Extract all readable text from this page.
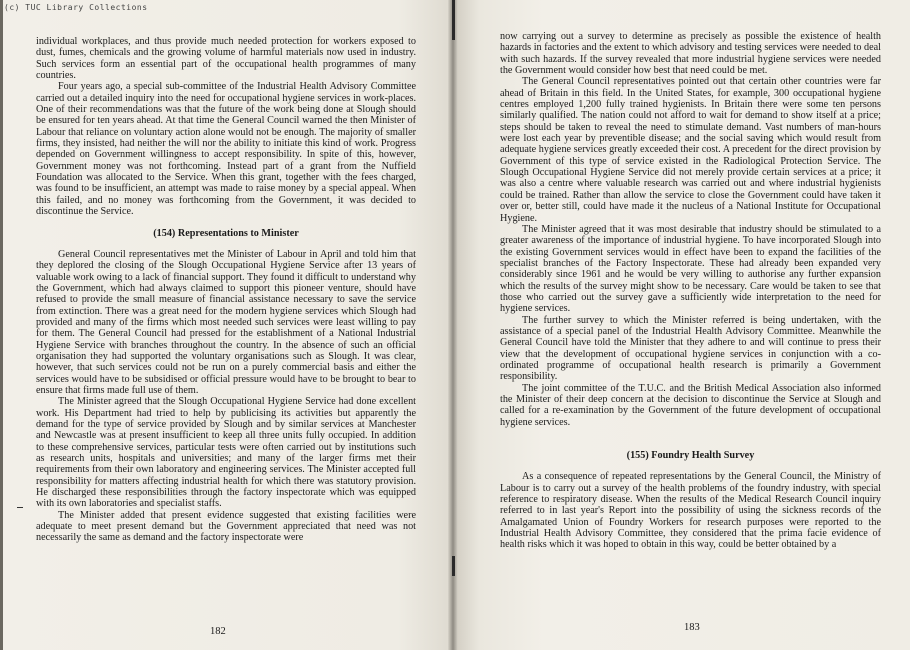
(c) TUC Library Collections

individual workplaces, and thus provide much needed protection for workers exposed to dust, fumes, chemicals and the growing volume of harmful materials now used in industry. Such services form an essential part of the occupational health programmes of many countries.

Four years ago, a special sub-committee of the Industrial Health Advisory Committee carried out a detailed inquiry into the need for occupational hygiene services in work-places. One of their recommendations was that the future of the work being done at Slough should be ensured for ten years ahead. At that time the General Council warned the then Minister of Labour that reliance on voluntary action alone would not be enough. The majority of smaller firms, they insisted, had neither the will nor the ability to initiate this kind of work. Progress depended on Government willingness to accept responsibility. In spite of this, however, Government money was not forthcoming. Instead part of a grant from the Nuffield Foundation was allocated to the Service. When this grant, together with the fees charged, was found to be insufficient, an attempt was made to raise money by a special appeal. When this failed, and no money was forthcoming from the Government, it was decided to discontinue the Service.

(154) Representations to Minister

General Council representatives met the Minister of Labour in April and told him that they deplored the closing of the Slough Occupational Hygiene Service after 13 years of valuable work owing to a lack of financial support. They found it difficult to understand why the Government, which had always claimed to support this pioneer venture, should have refused to provide the small measure of financial assistance necessary to save the service from extinction. There was a great need for the modern hygiene services which Slough had provided and many of the firms which most needed such services were least willing to pay for them. The General Council had pressed for the establishment of a National Industrial Hygiene Service with branches throughout the country. In the absence of such an official organisation they had supported the voluntary organisations such as Slough. It was clear, however, that such services could not be run on a purely commercial basis and either the services would have to be subsidised or official pressure would have to be brought to bear to ensure that firms made full use of them.

The Minister agreed that the Slough Occupational Hygiene Service had done excellent work. His Department had tried to help by publicising its activities but apparently the demand for the type of service provided by Slough and by similar services at Manchester and Newcastle was at present insufficient to keep all three units fully occupied. In addition to these comprehensive services, particular tests were often carried out by institutions such as research units, hospitals and universities; and many of the larger firms met their requirements from their own laboratory and engineering services. The Minister accepted full responsibility for matters affecting industrial health for which there was statutory provision. He discharged these responsibilities through the factory inspectorate which was equipped with its own laboratories and specialist staffs.

The Minister added that present evidence suggested that existing facilities were adequate to meet present demand but the Government appreciated that need was not necessarily the same as demand and the factory inspectorate were

182

now carrying out a survey to determine as precisely as possible the existence of health hazards in factories and the extent to which advisory and testing services were needed to deal with such hazards. If the survey revealed that more industrial hygiene services were needed the Government would consider how best that need could be met.

The General Council representatives pointed out that certain other countries were far ahead of Britain in this field. In the United States, for example, 300 occupational hygiene centres employed 1,200 fully trained hygienists. In Britain there were some ten persons similarly qualified. The nation could not afford to wait for demand to show itself at a price; steps should be taken to reveal the need to stimulate demand. Vast numbers of man-hours were lost each year by preventible disease; and the social saving which would result from adequate hygiene services greatly exceeded their cost. A precedent for the direct provision by Government of this type of service existed in the Radiological Protection Service. The Slough Occupational Hygiene Service did not merely provide certain services at a price; it was also a centre where valuable research was carried out and where industrial hygienists could be trained. Rather than allow the service to close the Government could have taken it over or, better still, could have made it the nucleus of a National Institute for Occupational Hygiene.

The Minister agreed that it was most desirable that industry should be stimulated to a greater awareness of the importance of industrial hygiene. To have incorporated Slough into the existing Government services would in effect have been to expand the facilities of the specialist branches of the Factory Inspectorate. These had already been expanded very considerably since 1961 and he would be very willing to authorise any further expansion which the results of the survey might show to be necessary. Care would be taken to see that those who carried out the survey gave a sufficiently wide interpretation to the need for hygiene services.

The further survey to which the Minister referred is being undertaken, with the assistance of a special panel of the Industrial Health Advisory Committee. Meanwhile the General Council have told the Minister that they adhere to and will continue to press their view that the development of occupational hygiene services in conjunction with a co-ordinated programme of occupational health research is primarily a Government responsibility.

The joint committee of the T.U.C. and the British Medical Association also informed the Minister of their deep concern at the decision to discontinue the Service at Slough and called for a re-examination by the Government of the future development of occupational hygiene services.

(155) Foundry Health Survey

As a consequence of repeated representations by the General Council, the Ministry of Labour is to carry out a survey of the health problems of the foundry industry, with special reference to respiratory disease. When the results of the Medical Research Council inquiry referred to in last year's Report into the possibility of using the sickness records of the Amalgamated Union of Foundry Workers for research purposes were reported to the Industrial Health Advisory Committee, they considered that the prima facie evidence of health risks which it was hoped to obtain in this way, could be better obtained by a

183
